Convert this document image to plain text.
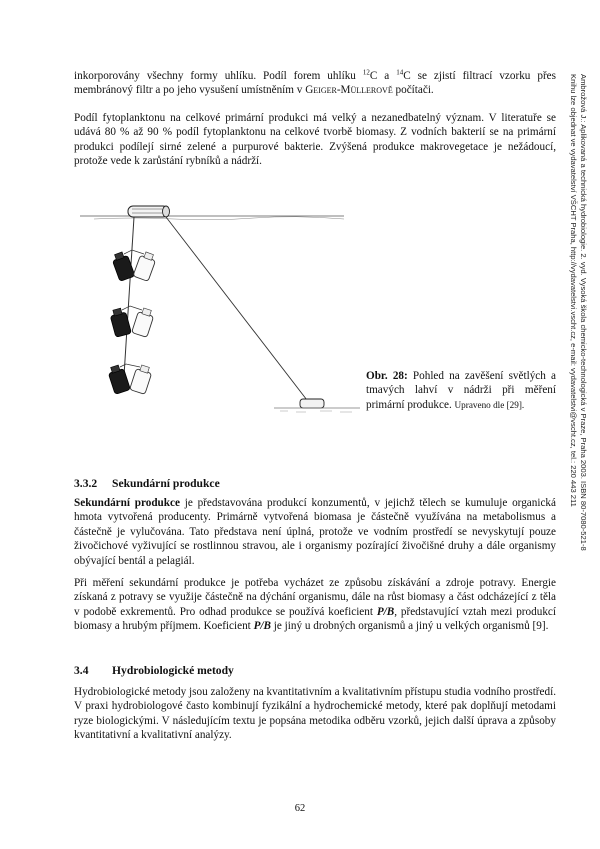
inkorporovány všechny formy uhlíku. Podíl forem uhlíku $^{12}$C a $^{14}$C se zjistí filtrací vzorku přes membránový filtr a po jeho vysušení umístněním v Geiger-Müllerově počítači.

Podíl fytoplanktonu na celkové primární produkci má velký a nezanedbatelný význam. V literatuře se udává 80 % až 90 % podíl fytoplanktonu na celkové tvorbě biomasy. Z vodních bakterií se na primární produkci podílejí sirné zelené a purpurové bakterie. Zvýšená produkce makrovegetace je nežádoucí, protože vede k zarůstání rybníků a nádrží.

Obr. 28: Pohled na zavěšení světlých a tmavých lahví v nádrži při měření primární produkce. Upraveno dle [29].

3.3.2 Sekundární produkce

Sekundární produkce je představována produkcí konzumentů, v jejichž tělech se kumuluje organická hmota vytvořená producenty. Primárně vytvořená biomasa je částečně využívána na metabolismus a částečně je vylučována. Tato představa není úplná, protože ve vodním prostředí se nevyskytují pouze živočichové vyživující se rostlinnou stravou, ale i organismy pozírající živočišné druhy a dále organismy obývající bentál a pelagiál.

Při měření sekundární produkce je potřeba vycházet ze způsobu získávání a zdroje potravy. Energie získaná z potravy se využije částečně na dýchání organismu, dále na růst biomasy a část odcházející z těla v podobě exkrementů. Pro odhad produkce se používá koeficient P/B, představující vztah mezi produkcí biomasy a hrubým příjmem. Koeficient P/B je jiný u drobných organismů a jiný u velkých organismů [9].

3.4 Hydrobiologické metody

Hydrobiologické metody jsou založeny na kvantitativním a kvalitativním přístupu studia vodního prostředí. V praxi hydrobiologové často kombinují fyzikální a hydrochemické metody, které pak doplňují metodami ryze biologickými. V následujícím textu je popsána metodika odběru vzorků, jejich další úprava a způsoby kvantitativní a kvalitativní analýzy.

62

Ambrožová J.: Aplikovaná a technická hydrobiologie. 2. vyd. Vysoká škola chemicko-technologická v Praze, Praha 2003. ISBN 80-7080-521-8
Knihu lze objednat ve vydavatelství VŠCHT Praha, http://vydavatelstvi.vscht.cz, e-mail: vydavatelstvi@vscht.cz, tel.: 220 443 211
